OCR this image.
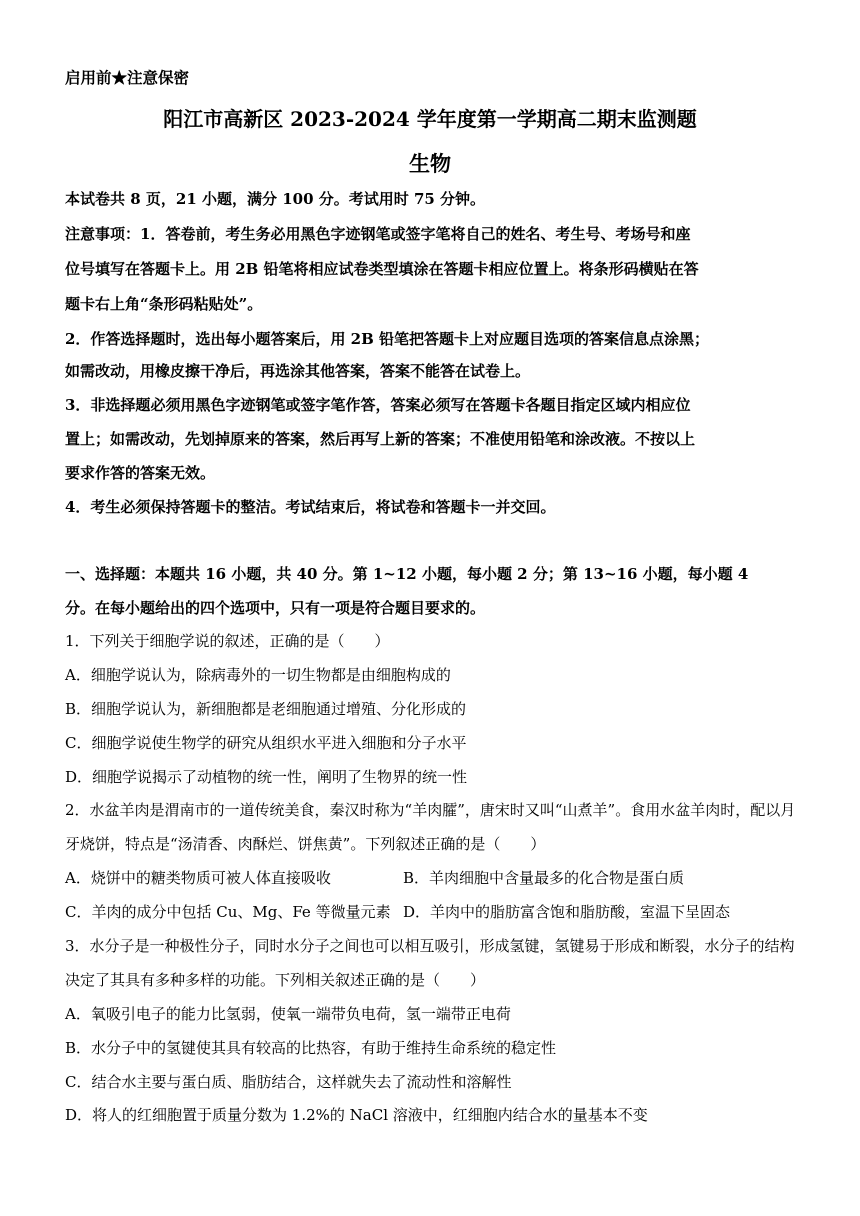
启用前★注意保密
阳江市高新区 2023-2024 学年度第一学期高二期末监测题
生物
本试卷共 8 页，21 小题，满分 100 分。考试用时 75 分钟。
注意事项：1．答卷前，考生务必用黑色字迹钢笔或签字笔将自己的姓名、考生号、考场号和座
位号填写在答题卡上。用 2B 铅笔将相应试卷类型填涂在答题卡相应位置上。将条形码横贴在答
题卡右上角“条形码粘贴处”。
2．作答选择题时，选出每小题答案后，用 2B 铅笔把答题卡上对应题目选项的答案信息点涂黑；
如需改动，用橡皮擦干净后，再选涂其他答案，答案不能答在试卷上。
3．非选择题必须用黑色字迹钢笔或签字笔作答，答案必须写在答题卡各题目指定区域内相应位
置上；如需改动，先划掉原来的答案，然后再写上新的答案；不准使用铅笔和涂改液。不按以上
要求作答的答案无效。
4．考生必须保持答题卡的整洁。考试结束后，将试卷和答题卡一并交回。
一、选择题：本题共 16 小题，共 40 分。第 1~12 小题，每小题 2 分；第 13~16 小题，每小题 4
分。在每小题给出的四个选项中，只有一项是符合题目要求的。
1．下列关于细胞学说的叙述，正确的是（　　）
A．细胞学说认为，除病毒外的一切生物都是由细胞构成的
B．细胞学说认为，新细胞都是老细胞通过增殖、分化形成的
C．细胞学说使生物学的研究从组织水平进入细胞和分子水平
D．细胞学说揭示了动植物的统一性，阐明了生物界的统一性
2．水盆羊肉是渭南市的一道传统美食，秦汉时称为“羊肉臛”，唐宋时又叫“山煮羊”。食用水盆羊肉时，配以月
牙烧饼，特点是“汤清香、肉酥烂、饼焦黄”。下列叙述正确的是（　　）
A．烧饼中的糖类物质可被人体直接吸收	B．羊肉细胞中含量最多的化合物是蛋白质
C．羊肉的成分中包括 Cu、Mg、Fe 等微量元素 D．羊肉中的脂肪富含饱和脂肪酸，室温下呈固态
3．水分子是一种极性分子，同时水分子之间也可以相互吸引，形成氢键，氢键易于形成和断裂，水分子的结构
决定了其具有多种多样的功能。下列相关叙述正确的是（　　）
A．氧吸引电子的能力比氢弱，使氧一端带负电荷，氢一端带正电荷
B．水分子中的氢键使其具有较高的比热容，有助于维持生命系统的稳定性
C．结合水主要与蛋白质、脂肪结合，这样就失去了流动性和溶解性
D．将人的红细胞置于质量分数为 1.2%的 NaCl 溶液中，红细胞内结合水的量基本不变
